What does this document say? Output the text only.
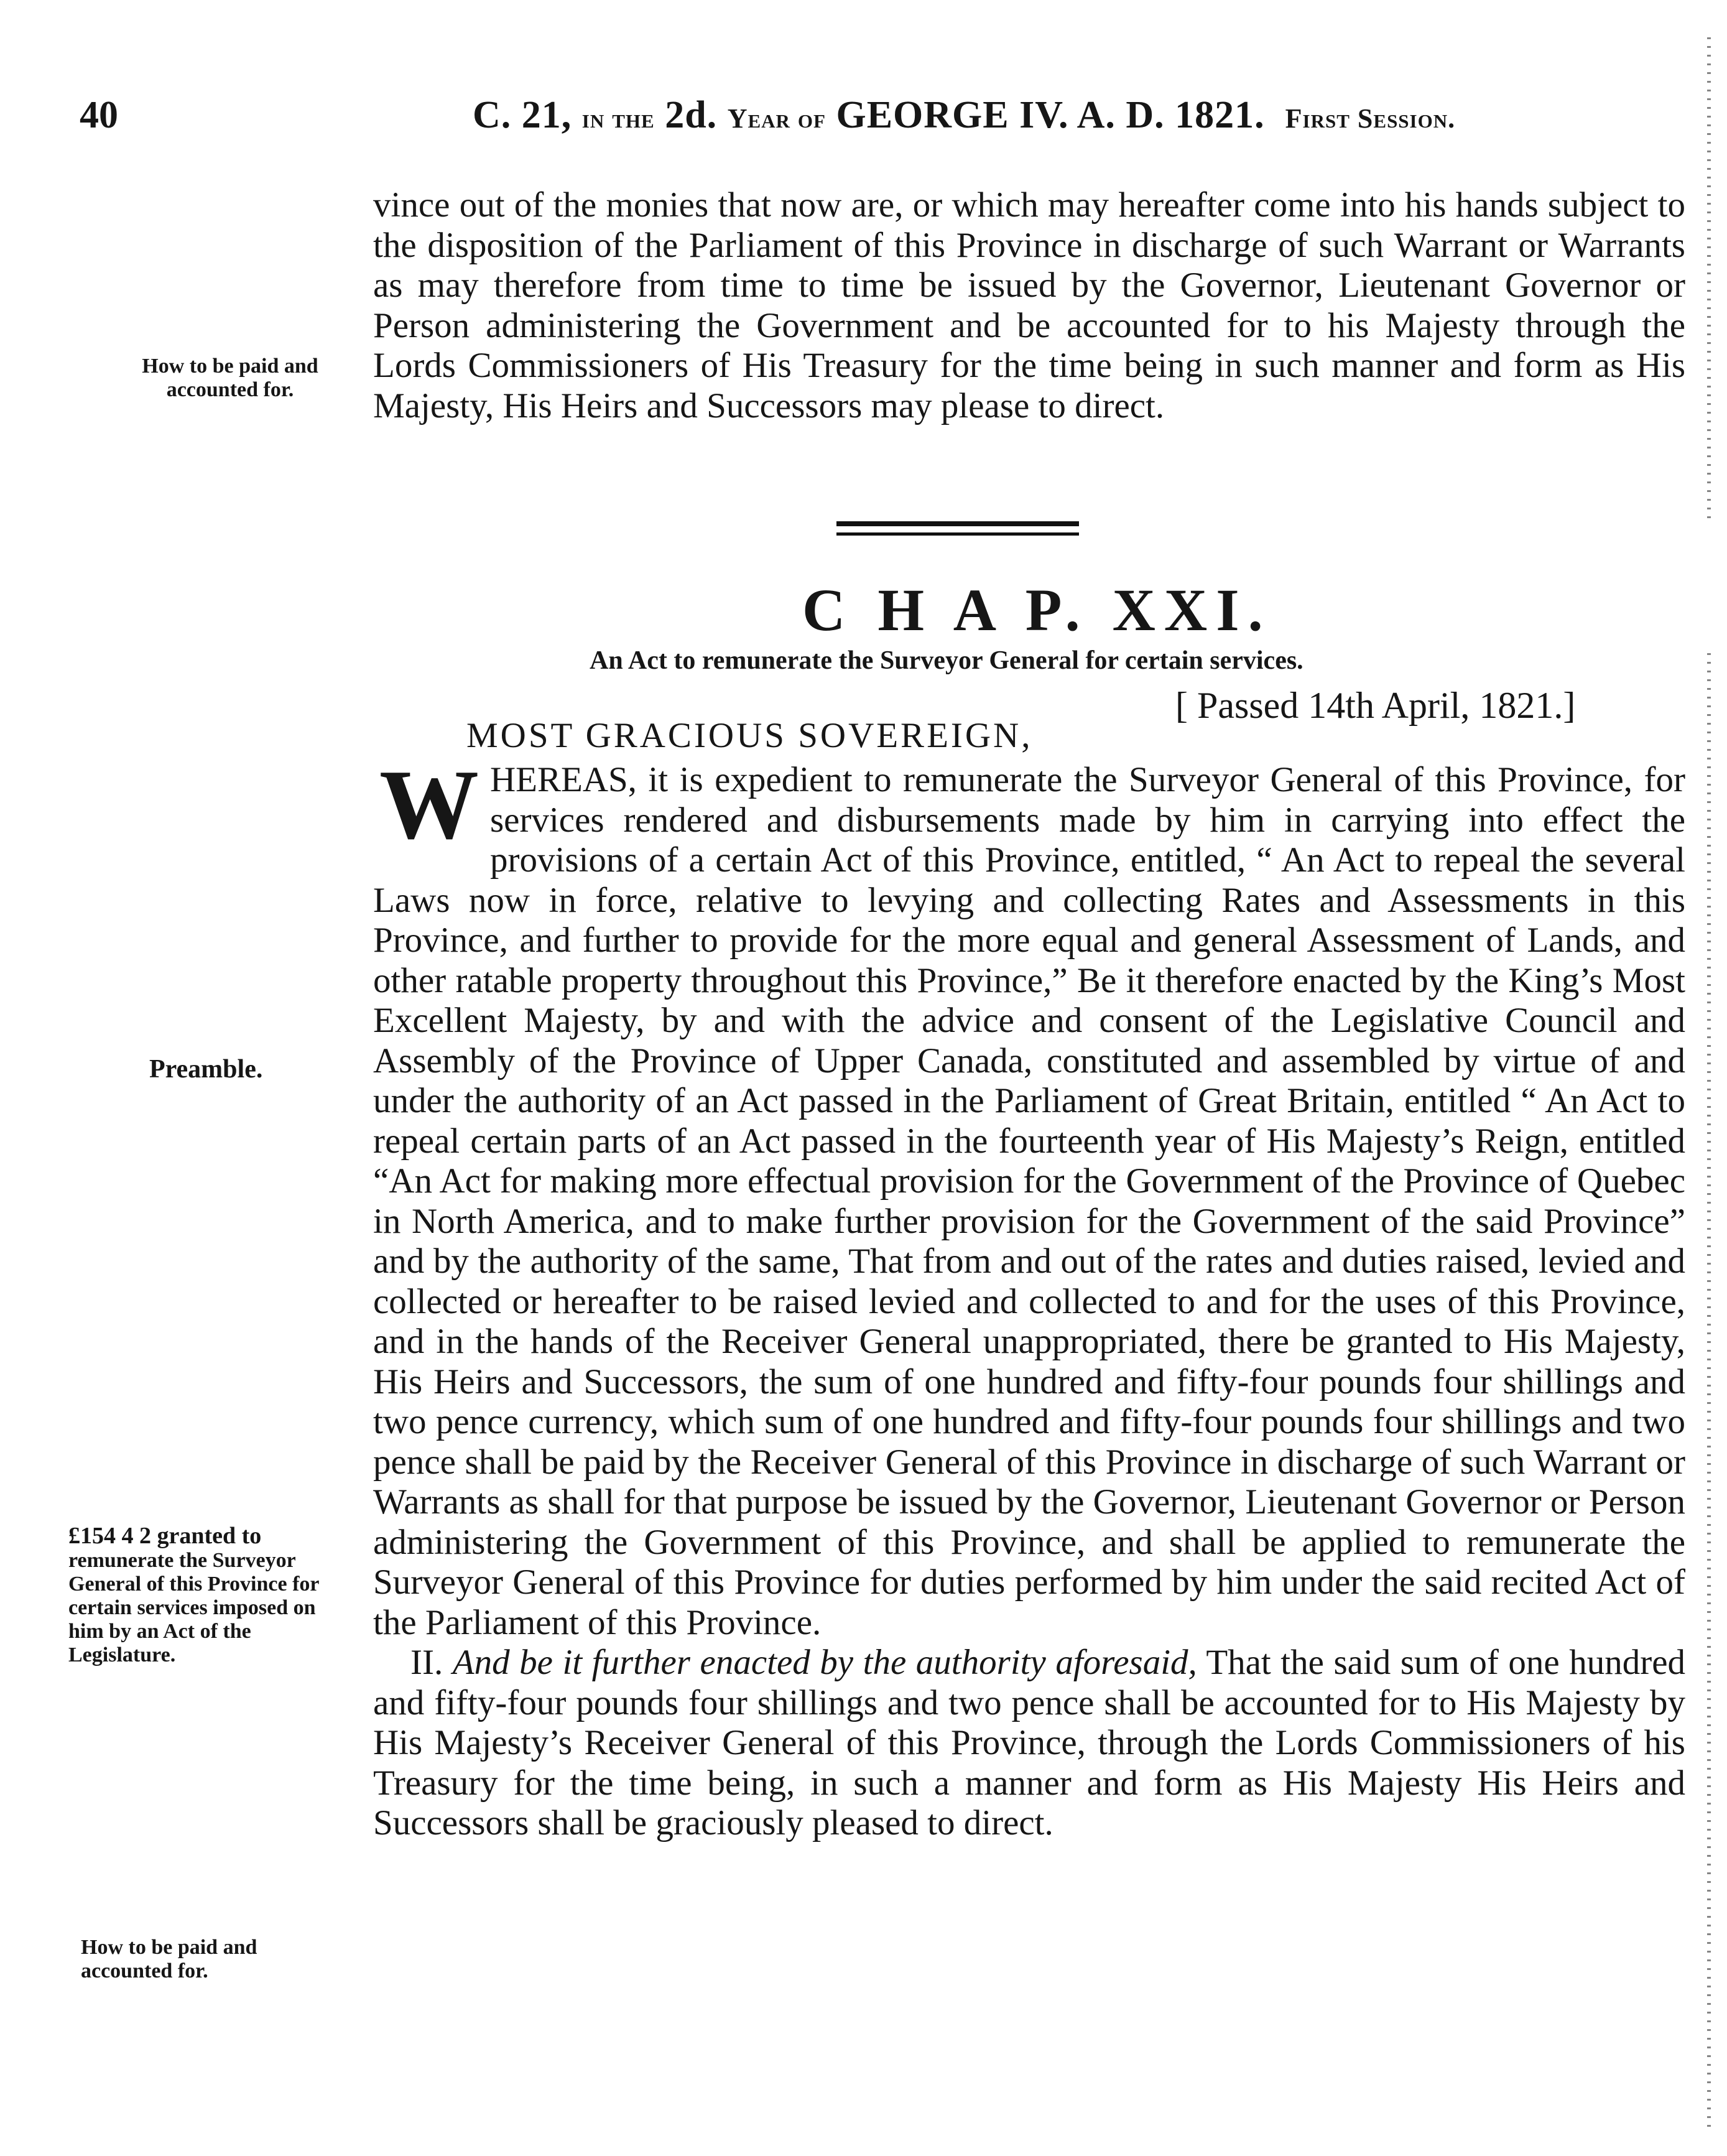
40	C. 21, in the 2d. Year of GEORGE IV. A. D. 1821. First Session.

vince out of the monies that now are, or which may hereafter come into his hands subject to the disposition of the Parliament of this Province in discharge of such Warrant or Warrants as may therefore from time to time be issued by the Governor, Lieutenant Governor or Person administering the Government and be accounted for to his Majesty through the Lords Commissioners of His Treasury for the time being in such manner and form as His Majesty, His Heirs and Successors may please to direct.

How to be paid and accounted for.
C H A P. XXI.
An Act to remunerate the Surveyor General for certain services.
[ Passed 14th April, 1821.]
MOST GRACIOUS SOVEREIGN,

WHEREAS, it is expedient to remunerate the Surveyor General of this Province, for services rendered and disbursements made by him in carrying into effect the provisions of a certain Act of this Province, entitled, “ An Act to repeal the several Laws now in force, relative to levying and collecting Rates and Assessments in this Province, and further to provide for the more equal and general Assessment of Lands, and other ratable property throughout this Province,” Be it therefore enacted by the King’s Most Excellent Majesty, by and with the advice and consent of the Legislative Council and Assembly of the Province of Upper Canada, constituted and assembled by virtue of and under the authority of an Act passed in the Parliament of Great Britain, entitled “ An Act to repeal certain parts of an Act passed in the fourteenth year of His Majesty’s Reign, entitled “An Act for making more effectual provision for the Government of the Province of Quebec in North America, and to make further provision for the Government of the said Province” and by the authority of the same, That from and out of the rates and duties raised, levied and collected or hereafter to be raised levied and collected to and for the uses of this Province, and in the hands of the Receiver General unappropriated, there be granted to His Majesty, His Heirs and Successors, the sum of one hundred and fifty-four pounds four shillings and two pence currency, which sum of one hundred and fifty-four pounds four shillings and two pence shall be paid by the Receiver General of this Province in discharge of such Warrant or Warrants as shall for that purpose be issued by the Governor, Lieutenant Governor or Person administering the Government of this Province, and shall be applied to remunerate the Surveyor General of this Province for duties performed by him under the said recited Act of the Parliament of this Province.

II. And be it further enacted by the authority aforesaid, That the said sum of one hundred and fifty-four pounds four shillings and two pence shall be accounted for to His Majesty by His Majesty’s Receiver General of this Province, through the Lords Commissioners of his Treasury for the time being, in such a manner and form as His Majesty His Heirs and Successors shall be graciously pleased to direct.

Preamble.
£154 4 2 granted to remunerate the Surveyor General of this Province for certain services imposed on him by an Act of the Legislature.
How to be paid and accounted for.
